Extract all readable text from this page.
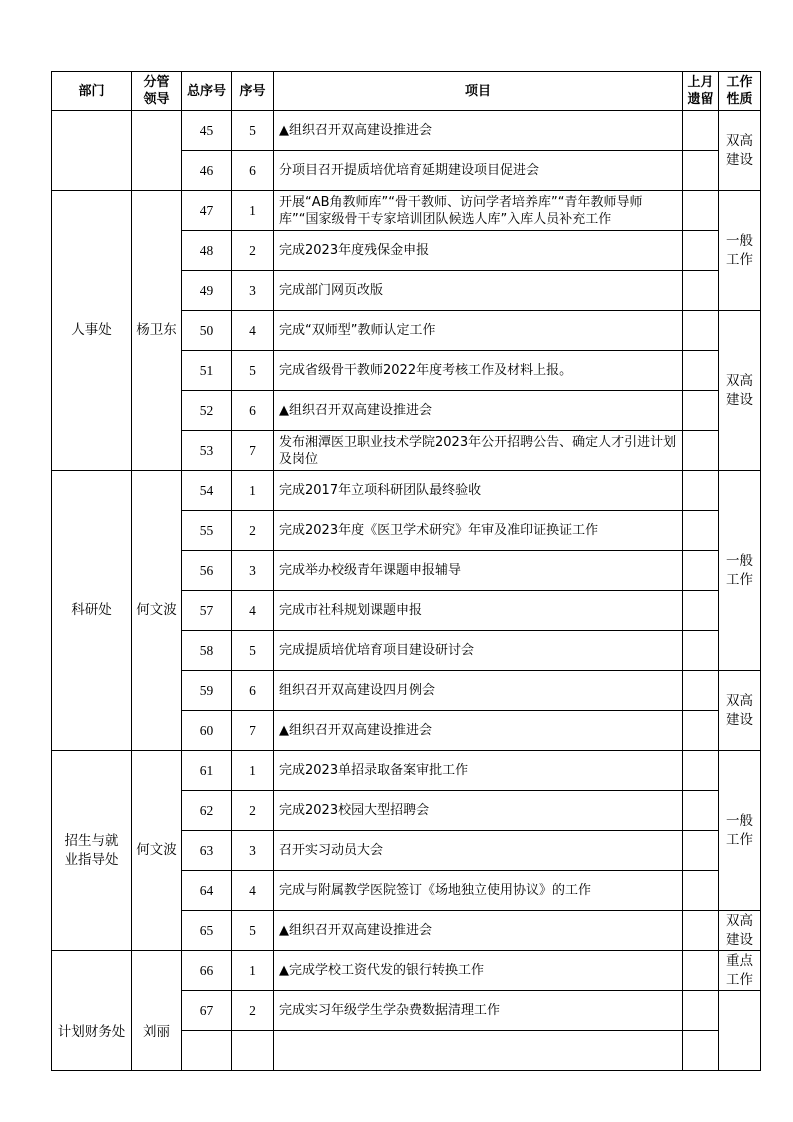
部门	分管领导	总序号	序号	项目	上月遗留	工作性质

		45	5	▲组织召开双高建设推进会		双高建设
		46	6	分项目召开提质培优培育延期建设项目促进会		

人事处	杨卫东	47	1	开展“AB角教师库”“骨干教师、访问学者培养库”“青年教师导师库”“国家级骨干专家培训团队候选人库”入库人员补充工作		一般工作
		48	2	完成2023年度残保金申报		

		49	3	完成部门网页改版		

		50	4	完成“双师型”教师认定工作		双高建设
		51	5	完成省级骨干教师2022年度考核工作及材料上报。		

		52	6	▲组织召开双高建设推进会		

		53	7	发布湘潭医卫职业技术学院2023年公开招聘公告、确定人才引进计划及岗位		

科研处	何文波	54	1	完成2017年立项科研团队最终验收		一般工作
		55	2	完成2023年度《医卫学术研究》年审及准印证换证工作		

		56	3	完成举办校级青年课题申报辅导		

		57	4	完成市社科规划课题申报		

		58	5	完成提质培优培育项目建设研讨会		

		59	6	组织召开双高建设四月例会		双高建设
		60	7	▲组织召开双高建设推进会		

招生与就业指导处	何文波	61	1	完成2023单招录取备案审批工作		一般工作
		62	2	完成2023校园大型招聘会		

		63	3	召开实习动员大会		

		64	4	完成与附属教学医院签订《场地独立使用协议》的工作		

		65	5	▲组织召开双高建设推进会		双高建设

计划财务处	刘丽	66	1	▲完成学校工资代发的银行转换工作		重点工作
		67	2	完成实习年级学生学杂费数据清理工作		
